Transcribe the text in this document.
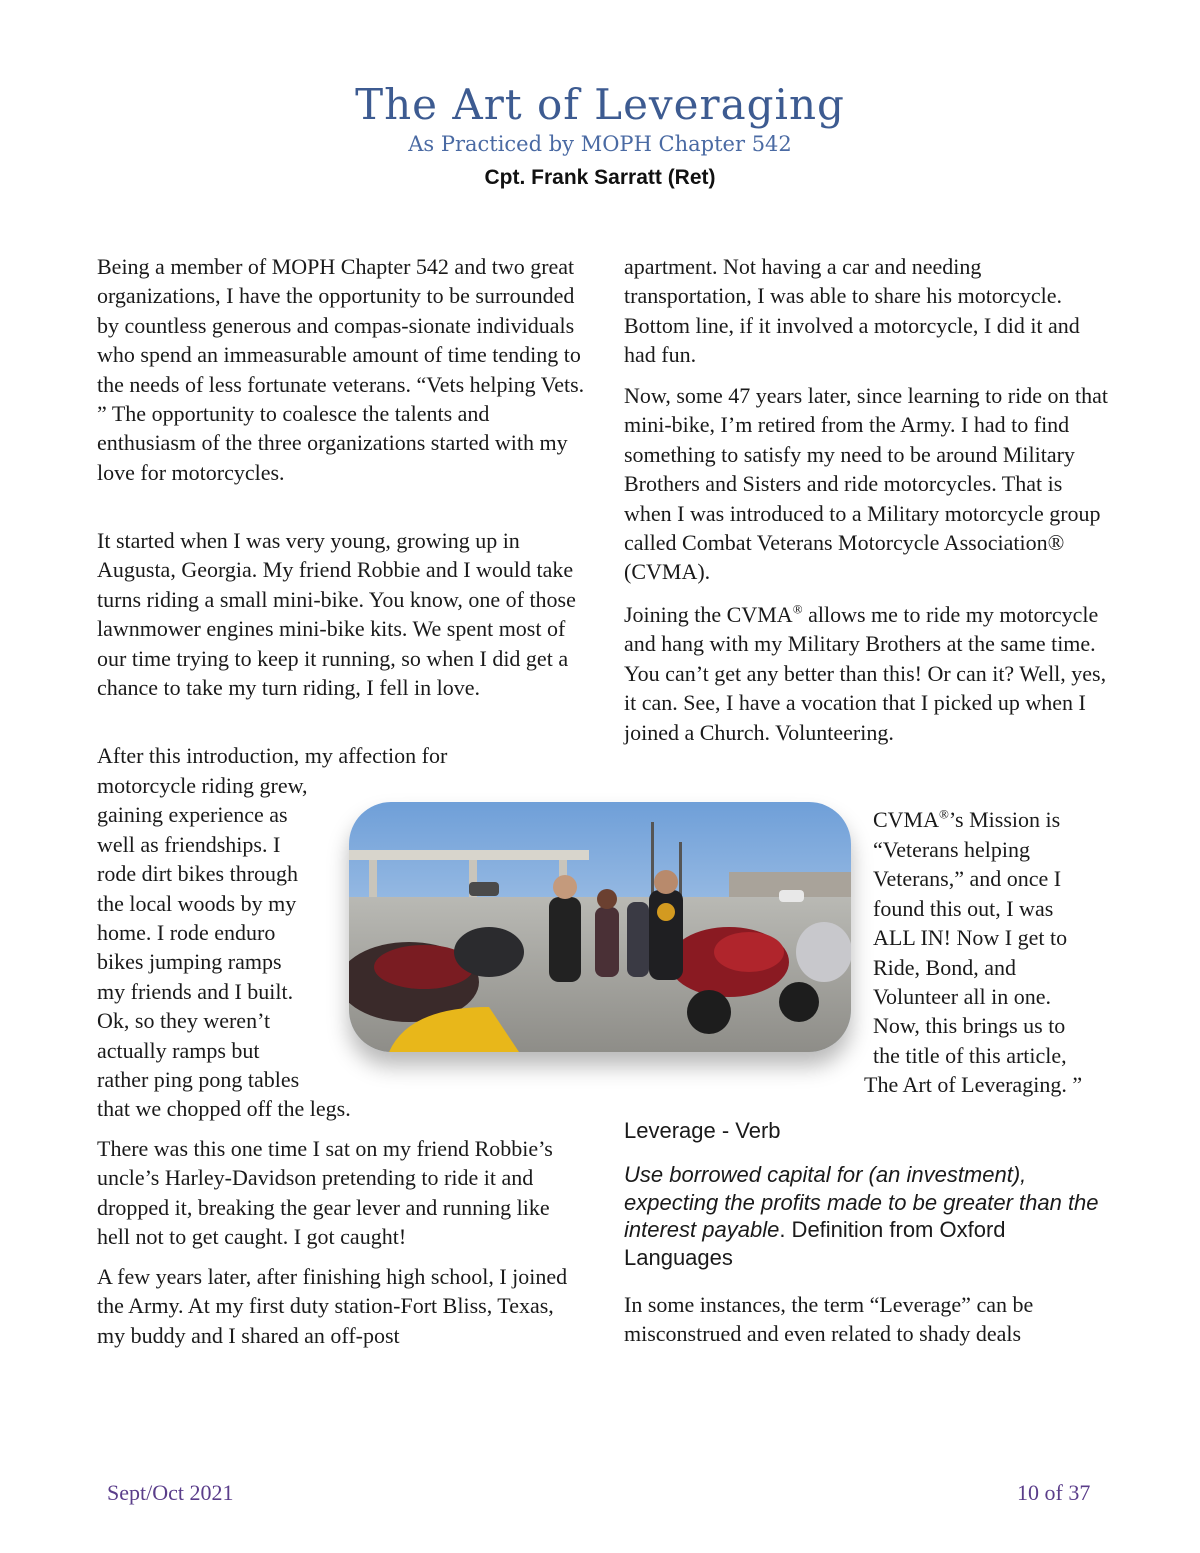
The Art of Leveraging
As Practiced by MOPH Chapter 542
Cpt. Frank Sarratt (Ret)

Being a member of MOPH Chapter 542 and two great organizations, I have the opportunity to be surrounded by countless generous and compas-sionate individuals who spend an immeasurable amount of time tending to the needs of less fortunate veterans. “Vets helping Vets. ” The opportunity to coalesce the talents and enthusiasm of the three organizations started with my love for motorcycles.

It started when I was very young, growing up in Augusta, Georgia. My friend Robbie and I would take turns riding a small mini-bike. You know, one of those lawnmower engines mini-bike kits. We spent most of our time trying to keep it running, so when I did get a chance to take my turn riding, I fell in love.

After this introduction, my affection for
motorcycle riding grew,
gaining experience as
well as friendships. I
rode dirt bikes through
the local woods by my
home. I rode enduro
bikes jumping ramps
my friends and I built.
Ok, so they weren’t
actually ramps but
rather ping pong tables
that we chopped off the legs.

There was this one time I sat on my friend Robbie’s uncle’s Harley-Davidson pretending to ride it and dropped it, breaking the gear lever and running like hell not to get caught. I got caught!

A few years later, after finishing high school, I joined the Army. At my first duty station-Fort Bliss, Texas, my buddy and I shared an off-post

apartment. Not having a car and needing transportation, I was able to share his motorcycle. Bottom line, if it involved a motorcycle, I did it and had fun.

Now, some 47 years later, since learning to ride on that mini-bike, I’m retired from the Army. I had to find something to satisfy my need to be around Military Brothers and Sisters and ride motorcycles. That is when I was introduced to a Military motorcycle group called Combat Veterans Motorcycle Association® (CVMA).

Joining the CVMA® allows me to ride my motorcycle and hang with my Military Brothers at the same time. You can’t get any better than this! Or can it? Well, yes, it can. See, I have a vocation that I picked up when I joined a Church. Volunteering.

CVMA®’s Mission is
“Veterans helping
Veterans,” and once I
found this out, I was
ALL IN! Now I get to
Ride, Bond, and
Volunteer all in one.
Now, this brings us to
the title of this article,
The Art of Leveraging. ”
Leverage - Verb

Use borrowed capital for (an investment), expecting the profits made to be greater than the interest payable. Definition from Oxford Languages

In some instances, the term “Leverage” can be misconstrued and even related to shady deals

Sept/Oct 2021	10 of 37
